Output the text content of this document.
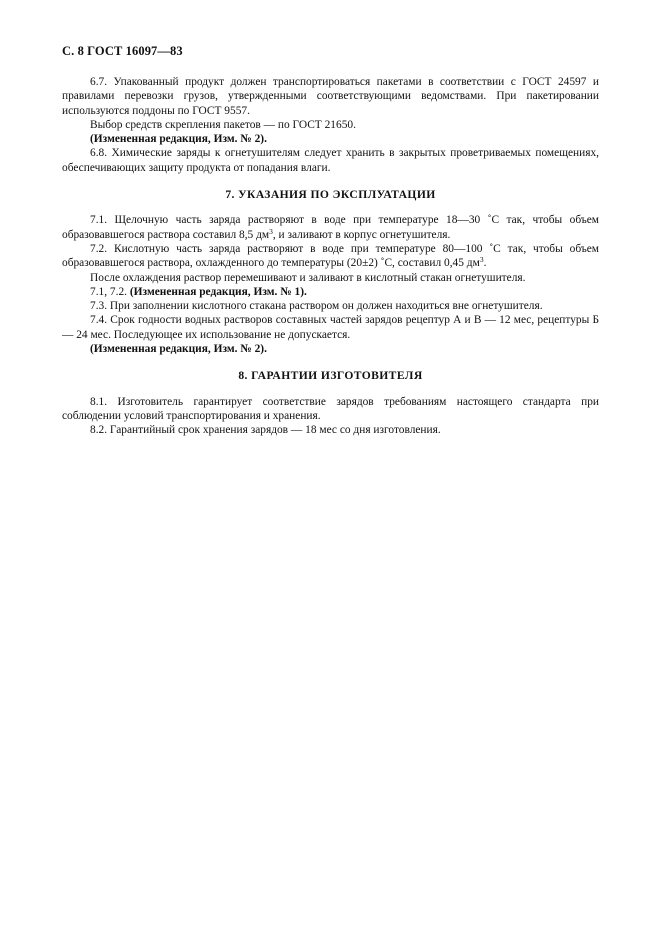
С. 8 ГОСТ 16097—83

6.7. Упакованный продукт должен транспортироваться пакетами в соответствии с ГОСТ 24597 и правилами перевозки грузов, утвержденными соответствующими ведомствами. При пакетировании используются поддоны по ГОСТ 9557.

Выбор средств скрепления пакетов — по ГОСТ 21650.

(Измененная редакция, Изм. № 2).

6.8. Химические заряды к огнетушителям следует хранить в закрытых проветриваемых помещениях, обеспечивающих защиту продукта от попадания влаги.

7. УКАЗАНИЯ ПО ЭКСПЛУАТАЦИИ

7.1. Щелочную часть заряда растворяют в воде при температуре 18—30 ˚С так, чтобы объем образовавшегося раствора составил 8,5 $дм^3$, и заливают в корпус огнетушителя.

7.2. Кислотную часть заряда растворяют в воде при температуре 80—100 ˚С так, чтобы объем образовавшегося раствора, охлажденного до температуры (20±2) ˚С, составил 0,45 $дм^3$.

После охлаждения раствор перемешивают и заливают в кислотный стакан огнетушителя.

7.1, 7.2. (Измененная редакция, Изм. № 1).

7.3. При заполнении кислотного стакана раствором он должен находиться вне огнетушителя.

7.4. Срок годности водных растворов составных частей зарядов рецептур А и В — 12 мес, рецептуры Б — 24 мес. Последующее их использование не допускается.

(Измененная редакция, Изм. № 2).

8. ГАРАНТИИ ИЗГОТОВИТЕЛЯ

8.1. Изготовитель гарантирует соответствие зарядов требованиям настоящего стандарта при соблюдении условий транспортирования и хранения.

8.2. Гарантийный срок хранения зарядов — 18 мес со дня изготовления.
